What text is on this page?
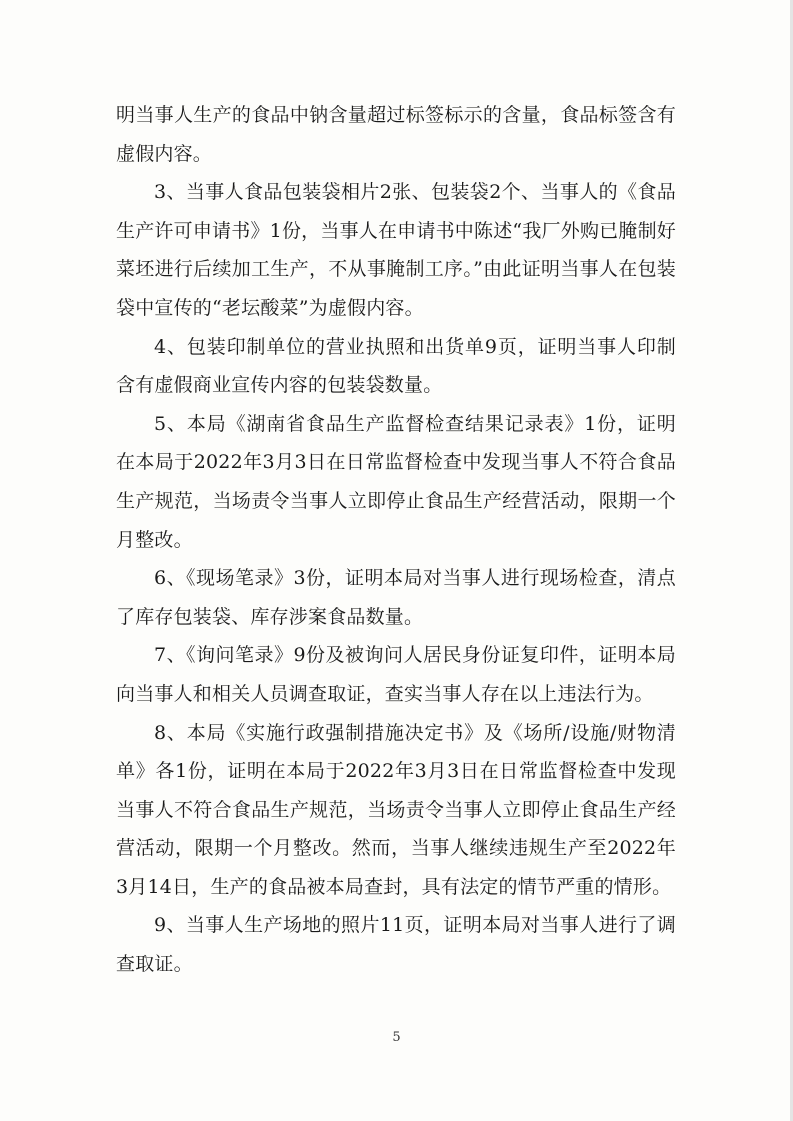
明当事人生产的食品中钠含量超过标签标示的含量，食品标签含有虚假内容。

3、当事人食品包装袋相片2张、包装袋2个、当事人的《食品生产许可申请书》1份，当事人在申请书中陈述“我厂外购已腌制好菜坯进行后续加工生产，不从事腌制工序。”由此证明当事人在包装袋中宣传的“老坛酸菜”为虚假内容。

4、包装印制单位的营业执照和出货单9页，证明当事人印制含有虚假商业宣传内容的包装袋数量。

5、本局《湖南省食品生产监督检查结果记录表》1份，证明在本局于2022年3月3日在日常监督检查中发现当事人不符合食品生产规范，当场责令当事人立即停止食品生产经营活动，限期一个月整改。

6、《现场笔录》3份，证明本局对当事人进行现场检查，清点了库存包装袋、库存涉案食品数量。

7、《询问笔录》9份及被询问人居民身份证复印件，证明本局向当事人和相关人员调查取证，查实当事人存在以上违法行为。

8、本局《实施行政强制措施决定书》及《场所/设施/财物清单》各1份，证明在本局于2022年3月3日在日常监督检查中发现当事人不符合食品生产规范，当场责令当事人立即停止食品生产经营活动，限期一个月整改。然而，当事人继续违规生产至2022年3月14日，生产的食品被本局查封，具有法定的情节严重的情形。

9、当事人生产场地的照片11页，证明本局对当事人进行了调查取证。

5
